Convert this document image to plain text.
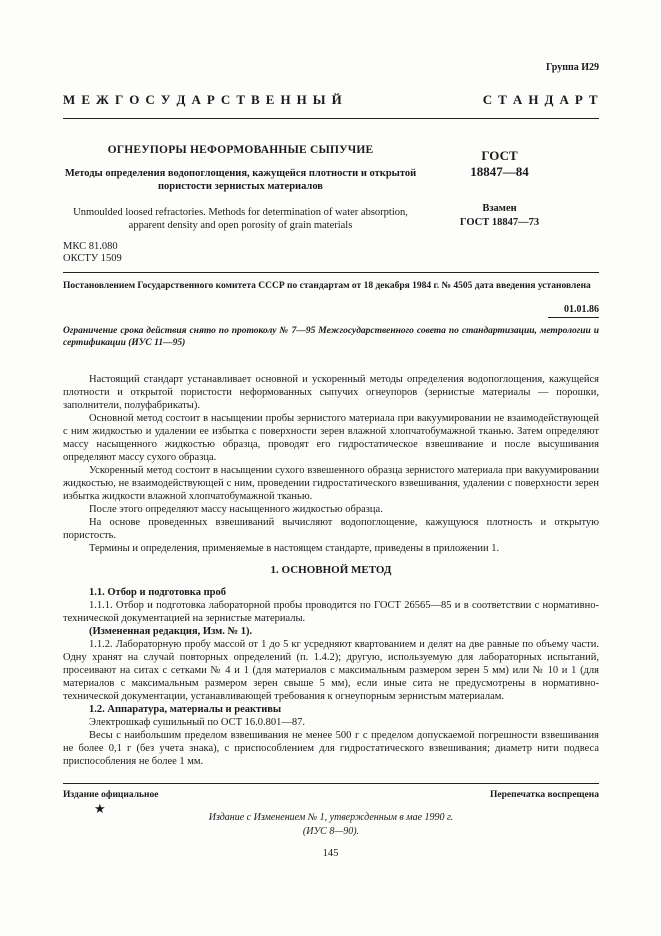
Группа И29
М Е Ж Г О С У Д А Р С Т В Е Н Н Ы Й	С Т А Н Д А Р Т
ОГНЕУПОРЫ НЕФОРМОВАННЫЕ СЫПУЧИЕ
Методы определения водопоглощения, кажущейся плотности и открытой пористости зернистых материалов
Unmoulded loosed refractories. Methods for determination of water absorption, apparent density and open porosity of grain materials
ГОСТ
18847—84
Взамен
ГОСТ 18847—73
МКС 81.080
ОКСТУ 1509
Постановлением Государственного комитета СССР по стандартам от 18 декабря 1984 г. № 4505 дата введения установлена
01.01.86
Ограничение срока действия снято по протоколу № 7—95 Межгосударственного совета по стандартизации, метрологии и сертификации (ИУС 11—95)

Настоящий стандарт устанавливает основной и ускоренный методы определения водопоглощения, кажущейся плотности и открытой пористости неформованных сыпучих огнеупоров (зернистые материалы — порошки, заполнители, полуфабрикаты).

Основной метод состоит в насыщении пробы зернистого материала при вакуумировании не взаимодействующей с ним жидкостью и удалении ее избытка с поверхности зерен влажной хлопчатобумажной тканью. Затем определяют массу насыщенного жидкостью образца, проводят его гидростатическое взвешивание и после высушивания определяют массу сухого образца.

Ускоренный метод состоит в насыщении сухого взвешенного образца зернистого материала при вакуумировании жидкостью, не взаимодействующей с ним, проведении гидростатического взвешивания, удалении с поверхности зерен избытка жидкости влажной хлопчатобумажной тканью.

После этого определяют массу насыщенного жидкостью образца.

На основе проведенных взвешиваний вычисляют водопоглощение, кажущуюся плотность и открытую пористость.

Термины и определения, применяемые в настоящем стандарте, приведены в приложении 1.

1. ОСНОВНОЙ МЕТОД

1.1. Отбор и подготовка проб

1.1.1. Отбор и подготовка лабораторной пробы проводится по ГОСТ 26565—85 и в соответствии с нормативно-технической документацией на зернистые материалы.

(Измененная редакция, Изм. № 1).

1.1.2. Лабораторную пробу массой от 1 до 5 кг усредняют квартованием и делят на две равные по объему части. Одну хранят на случай повторных определений (п. 1.4.2); другую, используемую для лабораторных испытаний, просеивают на ситах с сетками № 4 и 1 (для материалов с максимальным размером зерен 5 мм) или № 10 и 1 (для материалов с максимальным размером зерен свыше 5 мм), если иные сита не предусмотрены в нормативно-технической документации, устанавливающей требования к огнеупорным зернистым материалам.

1.2. Аппаратура, материалы и реактивы

Электрошкаф сушильный по ОСТ 16.0.801—87.

Весы с наибольшим пределом взвешивания не менее 500 г с пределом допускаемой погрешности взвешивания не более 0,1 г (без учета знака), с приспособлением для гидростатического взвешивания; диаметр нити подвеса приспособления не более 1 мм.

Издание официальное	Перепечатка воспрещена
★
Издание с Изменением № 1, утвержденным в мае 1990 г.
(ИУС 8—90).
145
